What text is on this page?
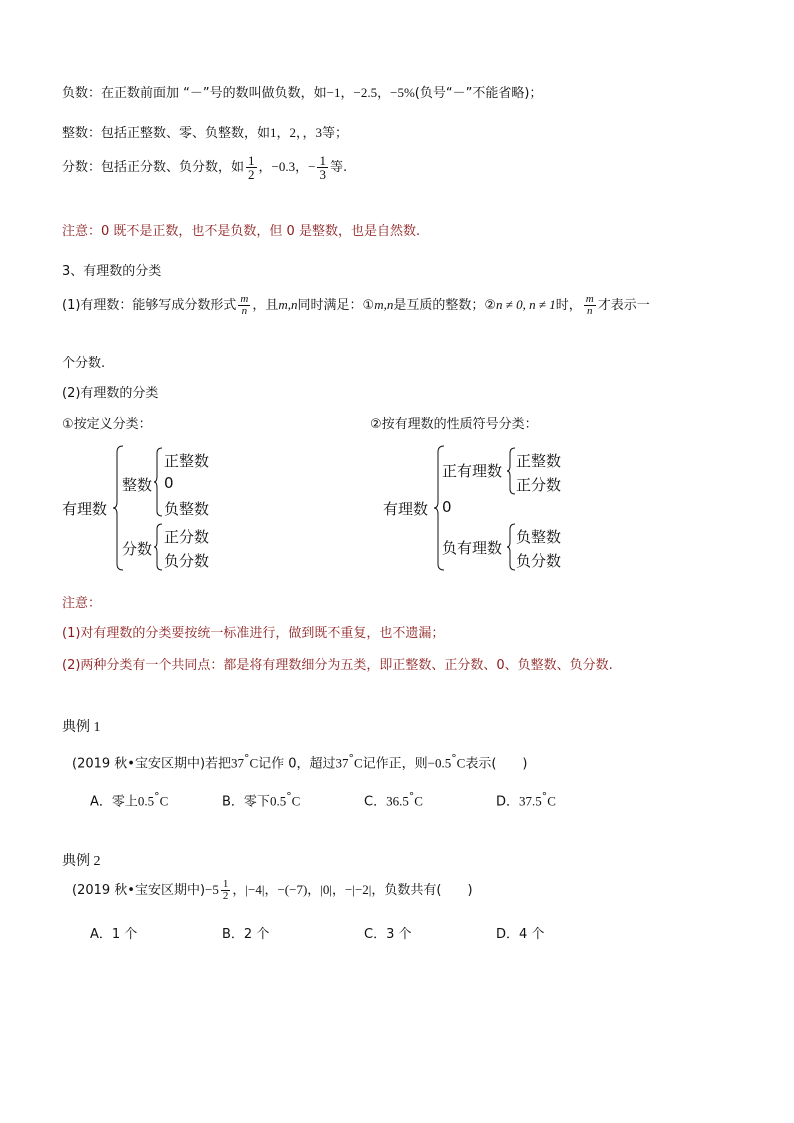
负数：在正数前面加 “－”号的数叫做负数，如−1，−2.5，−5%(负号“－”不能省略)；
整数：包括正整数、零、负整数，如1，2，，3等；
分数：包括正分数、负分数，如 $\frac{1}{2}$ ，−0.3，− $\frac{1}{3}$ 等.
注意：0 既不是正数，也不是负数，但 0 是整数，也是自然数.
3、有理数的分类
(1)有理数：能够写成分数形式 $\frac{m}{n}$ ，且m,n同时满足：①m,n是互质的整数；②n ≠ 0, n ≠ 1时， $\frac{m}{n}$ 才表示一
个分数.
(2)有理数的分类
①按定义分类：	②按有理数的性质符号分类：
有理数
整数
正整数
0
负整数
分数
正分数
负分数
有理数
正有理数
正整数
正分数
0
负有理数
负整数
负分数
注意：
(1)对有理数的分类要按统一标准进行，做到既不重复，也不遗漏；
(2)两种分类有一个共同点：都是将有理数细分为五类，即正整数、正分数、0、负整数、负分数.
典例 1
(2019 秋•宝安区期中)若把37°C记作 0，超过37°C记作正，则−0.5°C表示(　　)
A．零上0.5°C	B．零下0.5°C	C．36.5°C	D．37.5°C
典例 2
(2019 秋•宝安区期中)$-5 \frac{1}{2}$ ，|−4|，−(−7)，|0|，−|−2|，负数共有(　　)
A．1 个	B．2 个	C．3 个	D．4 个
